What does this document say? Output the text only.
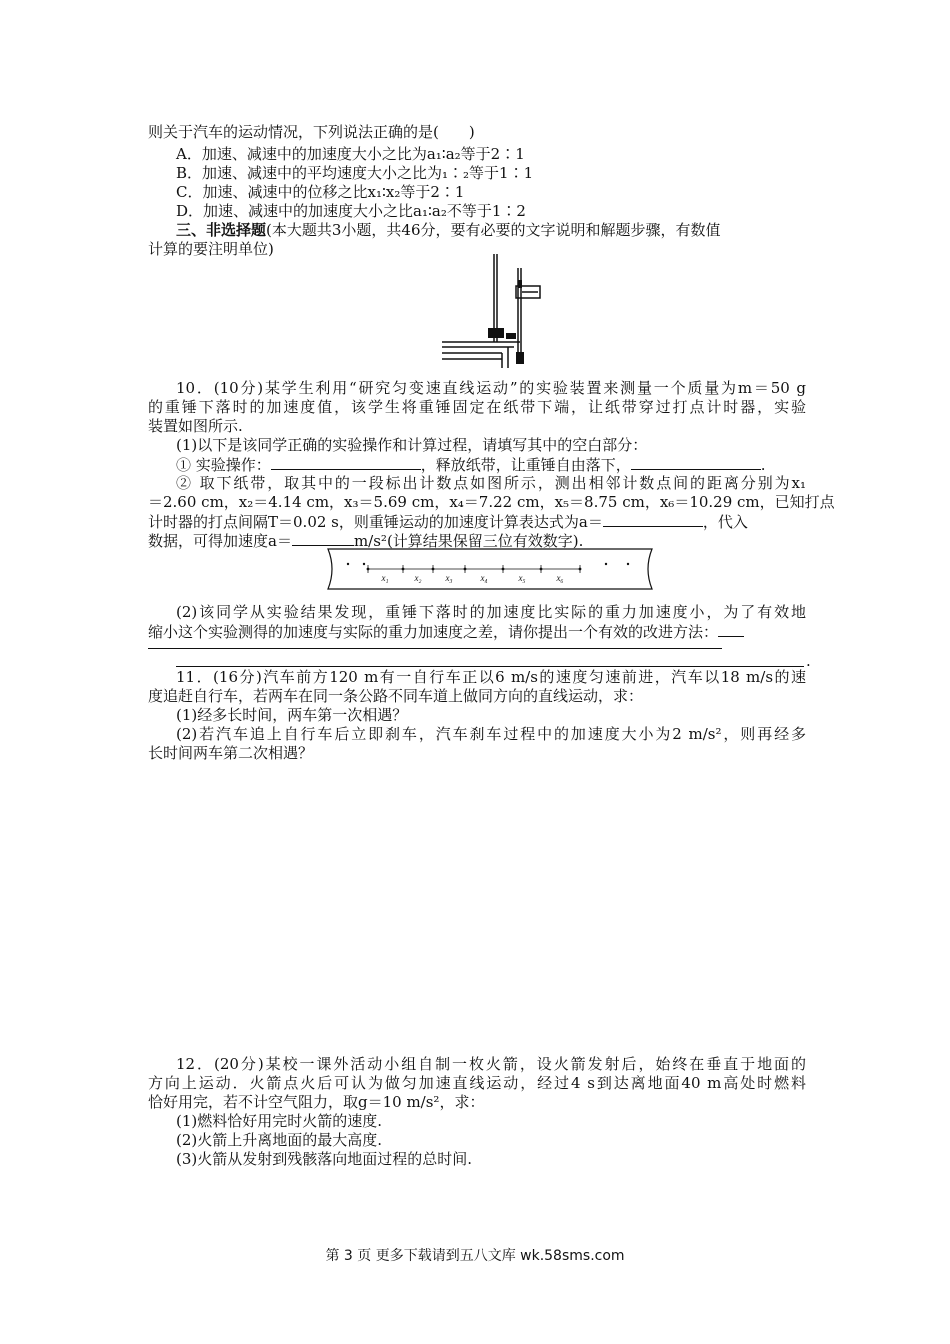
则关于汽车的运动情况，下列说法正确的是(　　)
A．加速、减速中的加速度大小之比为a₁∶a₂等于2∶1
B．加速、减速中的平均速度大小之比为₁∶₂等于1∶1
C．加速、减速中的位移之比x₁∶x₂等于2∶1
D．加速、减速中的加速度大小之比a₁∶a₂不等于1∶2
三、非选择题(本大题共3小题，共46分，要有必要的文字说明和解题步骤，有数值
计算的要注明单位)
10．(10分)某学生利用“研究匀变速直线运动”的实验装置来测量一个质量为m＝50 g
的重锤下落时的加速度值，该学生将重锤固定在纸带下端，让纸带穿过打点计时器，实验
装置如图所示.
(1)以下是该同学正确的实验操作和计算过程，请填写其中的空白部分：
① 实验操作：	，释放纸带，让重锤自由落下，	.
② 取下纸带，取其中的一段标出计数点如图所示，测出相邻计数点间的距离分别为x₁
＝2.60 cm，x₂＝4.14 cm，x₃＝5.69 cm，x₄＝7.22 cm，x₅＝8.75 cm，x₆＝10.29 cm，已知打点
计时器的打点间隔T＝0.02 s，则重锤运动的加速度计算表达式为a＝	，代入
数据，可得加速度a＝	m/s²(计算结果保留三位有效数字).
x₁	x₂	x₃	x₄	x₅	x₆
(2)该同学从实验结果发现，重锤下落时的加速度比实际的重力加速度小，为了有效地
缩小这个实验测得的加速度与实际的重力加速度之差，请你提出一个有效的改进方法：
.
11．(16分)汽车前方120 m有一自行车正以6 m/s的速度匀速前进，汽车以18 m/s的速
度追赶自行车，若两车在同一条公路不同车道上做同方向的直线运动，求：
(1)经多长时间，两车第一次相遇？
(2)若汽车追上自行车后立即刹车，汽车刹车过程中的加速度大小为2 m/s²，则再经多
长时间两车第二次相遇？
12．(20分)某校一课外活动小组自制一枚火箭，设火箭发射后，始终在垂直于地面的
方向上运动．火箭点火后可认为做匀加速直线运动，经过4 s到达离地面40 m高处时燃料
恰好用完，若不计空气阻力，取g＝10 m/s²，求：
(1)燃料恰好用完时火箭的速度.
(2)火箭上升离地面的最大高度.
(3)火箭从发射到残骸落向地面过程的总时间.
第 3 页 更多下载请到五八文库 wk.58sms.com
